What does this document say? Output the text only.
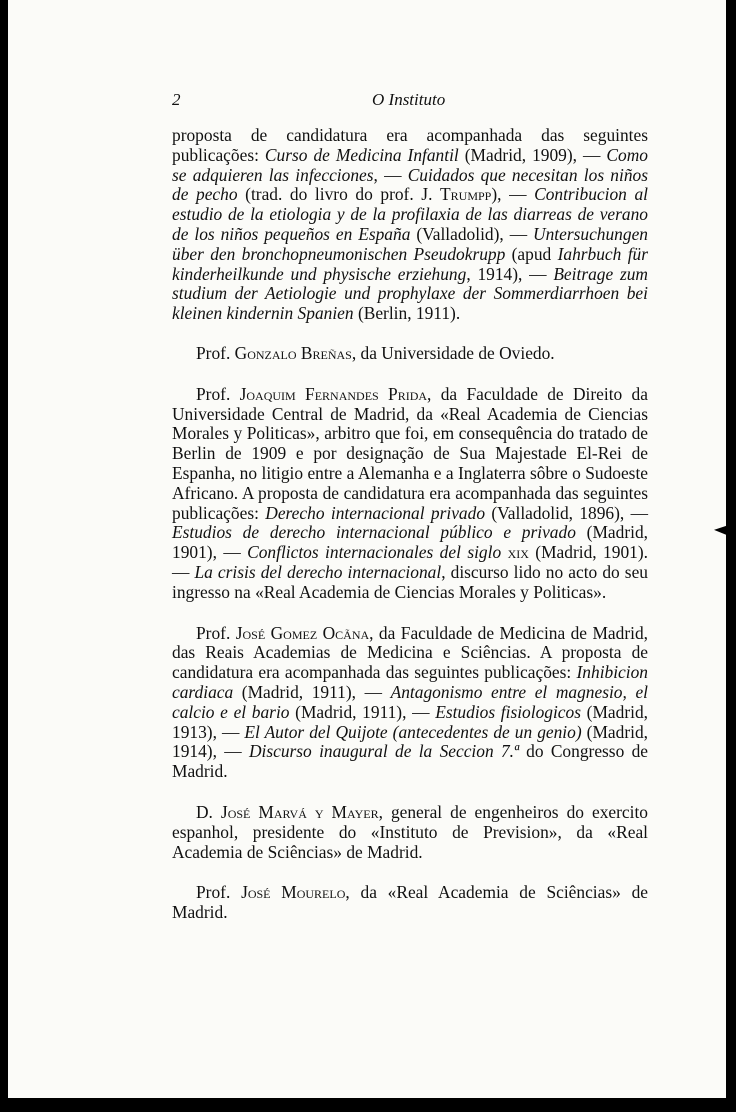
2	O Instituto

proposta de candidatura era acompanhada das seguintes publicações: Curso de Medicina Infantil (Madrid, 1909), — Como se adquieren las infecciones, — Cuidados que necesitan los niños de pecho (trad. do livro do prof. J. Trumpp), — Contribucion al estudio de la etiologia y de la profilaxia de las diarreas de verano de los niños pequeños en España (Valladolid), — Untersuchungen über den bronchopneumonischen Pseudokrupp (apud Iahrbuch für kinderheilkunde und physische erziehung, 1914), — Beitrage zum studium der Aetiologie und prophylaxe der Sommerdiarrhoen bei kleinen kindernin Spanien (Berlin, 1911).

Prof. Gonzalo Breñas, da Universidade de Oviedo.

Prof. Joaquim Fernandes Prida, da Faculdade de Direito da Universidade Central de Madrid, da «Real Academia de Ciencias Morales y Politicas», arbitro que foi, em consequência do tratado de Berlin de 1909 e por designação de Sua Majestade El-Rei de Espanha, no litigio entre a Alemanha e a Inglaterra sôbre o Sudoeste Africano. A proposta de candidatura era acompanhada das seguintes publicações: Derecho internacional privado (Valladolid, 1896), — Estudios de derecho internacional público e privado (Madrid, 1901), — Conflictos internacionales del siglo xix (Madrid, 1901). — La crisis del derecho internacional, discurso lido no acto do seu ingresso na «Real Academia de Ciencias Morales y Politicas».

Prof. José Gomez Ocãna, da Faculdade de Medicina de Madrid, das Reais Academias de Medicina e Sciências. A proposta de candidatura era acompanhada das seguintes publicações: Inhibicion cardiaca (Madrid, 1911), — Antagonismo entre el magnesio, el calcio e el bario (Madrid, 1911), — Estudios fisiologicos (Madrid, 1913), — El Autor del Quijote (antecedentes de un genio) (Madrid, 1914), — Discurso inaugural de la Seccion 7.ª do Congresso de Madrid.

D. José Marvá y Mayer, general de engenheiros do exercito espanhol, presidente do «Instituto de Prevision», da «Real Academia de Sciências» de Madrid.

Prof. José Mourelo, da «Real Academia de Sciências» de Madrid.
